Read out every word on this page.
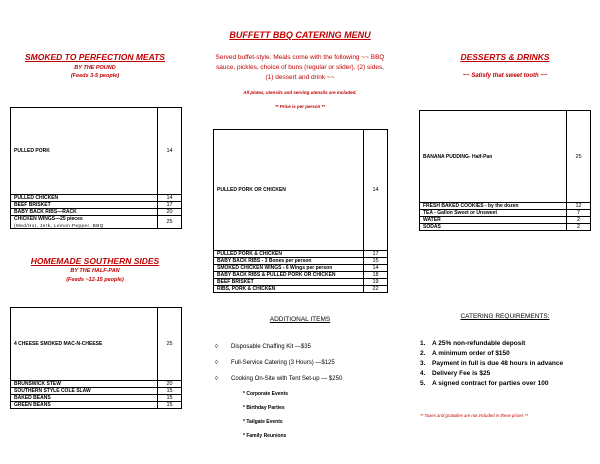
BUFFETT BBQ CATERING MENU
SMOKED TO PERFECTION MEATS
BY THE POUND
(Feeds 3-5 people)
PULLED PORK	14
PULLED CHICKEN	14
BEEF BRISKET	17
BABY BACK RIBS—RACK	20
CHICKEN WINGS—25 pieces
(Med/Hot, Jerk, Lemon Pepper, BBQ	25
HOMEMADE SOUTHERN SIDES
BY THE HALF-PAN
(Feeds ~12-15 people)
4 CHEESE SMOKED MAC-N-CHEESE	25
BRUNSWICK STEW	20
SOUTHERN STYLE COLE SLAW	15
BAKED BEANS	15
GREEN BEANS	15
Served buffet-style. Meals come with the following ~~ BBQ sauce, pickles, choice of buns (regular or slider), (2) sides, (1) dessert and drink ~~
All plates, utensils and serving utensils are included.
** Price is per person **
PULLED PORK OR CHICKEN	14
PULLED PORK & CHICKEN	17
BABY BACK RIBS - 3 Bones per person	15
SMOKED CHICKEN WINGS - 6 Wings per person	14
BABY BACK RIBS & PULLED PORK OR CHICKEN	18
BEEF BRISKET	19
RIBS, PORK & CHICKEN	22
ADDITIONAL ITEMS
◊	Disposable Chaffing Kit —$35
◊	Full-Service Catering (3 Hours) —$125
◊	Cooking On-Site with Tent Set-up — $250
* Corporate Events
* Birthday Parties
* Tailgate Events
* Family Reunions
DESSERTS & DRINKS
~~ Satisfy that sweet tooth ~~
BANANA PUDDING- Half-Pan	25
FRESH BAKED COOKIES - by the dozen	12
TEA - Gallon Sweet or Unsweet	7
WATER	2
SODAS	2
CATERING REQUIREMENTS:
1.	A 25% non-refundable deposit
2.	A minimum order of $150
3.	Payment in full is due 48 hours in advance
4.	Delivery Fee is $25
5.	A signed contract for parties over 100
** Taxes and gratuities are not included in these prices **
